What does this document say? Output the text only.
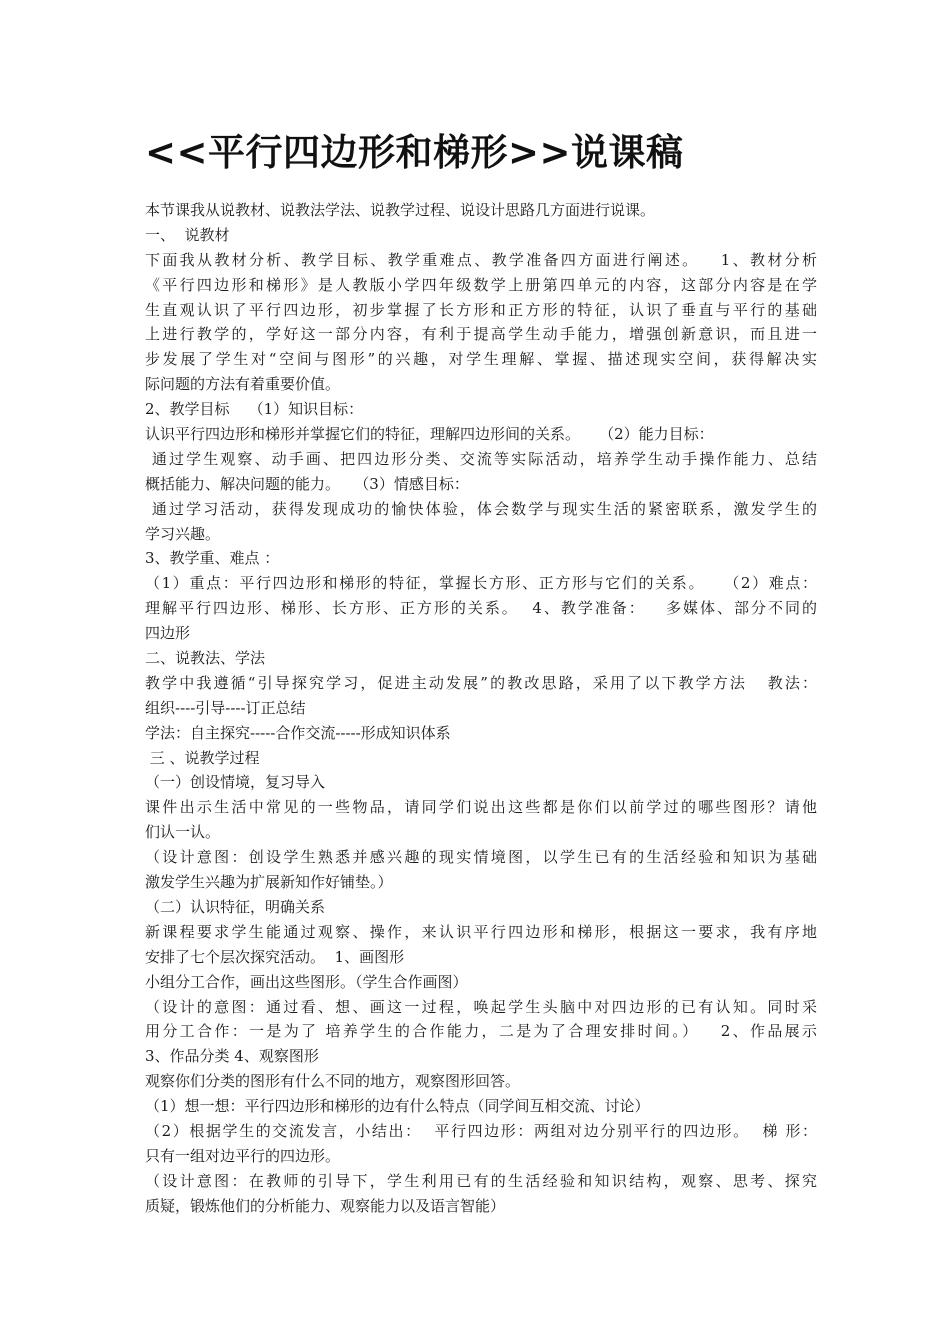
<<平行四边形和梯形>>说课稿
本节课我从说教材、说教法学法、说教学过程、说设计思路几方面进行说课。
一、  说教材
下面我从教材分析、教学目标、教学重难点、教学准备四方面进行阐述。   1、教材分析
《平行四边形和梯形》是人教版小学四年级数学上册第四单元的内容，这部分内容是在学
生直观认识了平行四边形，初步掌握了长方形和正方形的特征，认识了垂直与平行的基础
上进行教学的，学好这一部分内容，有利于提高学生动手能力，增强创新意识，而且进一
步发展了学生对“空间与图形”的兴趣，对学生理解、掌握、描述现实空间，获得解决实
际问题的方法有着重要价值。
2、教学目标    （1）知识目标：
认识平行四边形和梯形并掌握它们的特征，理解四边形间的关系。    （2）能力目标：
通过学生观察、动手画、把四边形分类、交流等实际活动，培养学生动手操作能力、总结
概括能力、解决问题的能力。   （3）情感目标：
通过学习活动，获得发现成功的愉快体验，体会数学与现实生活的紧密联系，激发学生的
学习兴趣。
3、教学重、难点 ：
（1）重点：平行四边形和梯形的特征，掌握长方形、正方形与它们的关系。   （2）难点：
理解平行四边形、梯形、长方形、正方形的关系。  4、教学准备：   多媒体、部分不同的
四边形
二、说教法、学法
教学中我遵循“引导探究学习，促进主动发展”的教改思路，采用了以下教学方法   教法：
组织----引导----订正总结
学法：自主探究-----合作交流-----形成知识体系
三 、说教学过程
（一）创设情境，复习导入
课件出示生活中常见的一些物品，请同学们说出这些都是你们以前学过的哪些图形？请他
们认一认。
（设计意图：创设学生熟悉并感兴趣的现实情境图，以学生已有的生活经验和知识为基础
激发学生兴趣为扩展新知作好铺垫。）
（二）认识特征，明确关系
新课程要求学生能通过观察、操作，来认识平行四边形和梯形，根据这一要求，我有序地
安排了七个层次探究活动。  1、画图形
小组分工合作，画出这些图形。（学生合作画图）
（设计的意图：通过看、想、画这一过程，唤起学生头脑中对四边形的已有认知。同时采
用分工合作：一是为了 培养学生的合作能力，二是为了合理安排时间。）   2、作品展示
3、作品分类 4、观察图形
观察你们分类的图形有什么不同的地方，观察图形回答。
（1）想一想：平行四边形和梯形的边有什么特点（同学间互相交流、讨论）
（2）根据学生的交流发言，小结出：  平行四边形：两组对边分别平行的四边形。  梯 形：
只有一组对边平行的四边形。
（设计意图：在教师的引导下，学生利用已有的生活经验和知识结构，观察、思考、探究
质疑，锻炼他们的分析能力、观察能力以及语言智能）
